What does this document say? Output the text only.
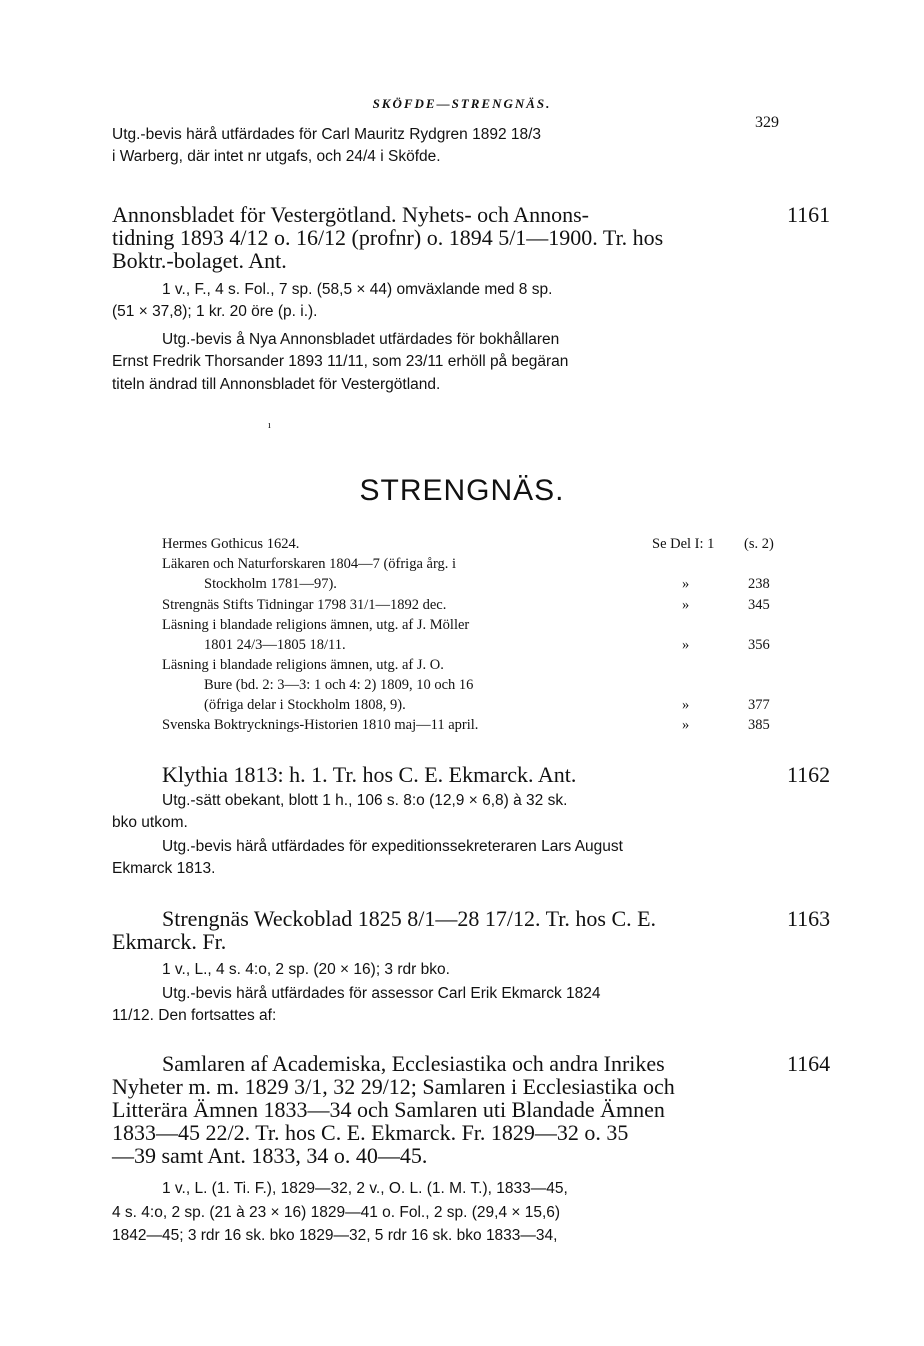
SKÖFDE—STRENGNÄS.

329

Utg.-bevis härå utfärdades för Carl Mauritz Rydgren 1892 18/3
i Warberg, där intet nr utgafs, och 24/4 i Sköfde.
1161
Annonsbladet för Vestergötland. Nyhets- och Annons-
tidning 1893 4/12 o. 16/12 (profnr) o. 1894 5/1—1900. Tr. hos
Boktr.-bolaget. Ant.
1 v., F., 4 s. Fol., 7 sp. (58,5 × 44) omväxlande med 8 sp.
(51 × 37,8); 1 kr. 20 öre (p. i.).
Utg.-bevis å Nya Annonsbladet utfärdades för bokhållaren
Ernst Fredrik Thorsander 1893 11/11, som 23/11 erhöll på begäran
titeln ändrad till Annonsbladet för Vestergötland.
ı
STRENGNÄS.
Hermes Gothicus 1624.	Se Del I: 1 (s. 2)
Läkaren och Naturforskaren 1804—7 (öfriga årg. i
Stockholm 1781—97).	»	238
Strengnäs Stifts Tidningar 1798 31/1—1892 dec.	»	345
Läsning i blandade religions ämnen, utg. af J. Möller
1801 24/3—1805 18/11.	»	356
Läsning i blandade religions ämnen, utg. af J. O.
Bure (bd. 2: 3—3: 1 och 4: 2) 1809, 10 och 16
(öfriga delar i Stockholm 1808, 9).	»	377
Svenska Boktrycknings-Historien 1810 maj—11 april.	»	385
1162
Klythia 1813: h. 1. Tr. hos C. E. Ekmarck. Ant.
Utg.-sätt obekant, blott 1 h., 106 s. 8:o (12,9 × 6,8) à 32 sk.
bko utkom.
Utg.-bevis härå utfärdades för expeditionssekreteraren Lars August
Ekmarck 1813.
1163
Strengnäs Weckoblad 1825 8/1—28 17/12. Tr. hos C. E.
Ekmarck. Fr.
1 v., L., 4 s. 4:o, 2 sp. (20 × 16); 3 rdr bko.
Utg.-bevis härå utfärdades för assessor Carl Erik Ekmarck 1824
11/12. Den fortsattes af:
1164
Samlaren af Academiska, Ecclesiastika och andra Inrikes
Nyheter m. m. 1829 3/1, 32 29/12; Samlaren i Ecclesiastika och
Litterära Ämnen 1833—34 och Samlaren uti Blandade Ämnen
1833—45 22/2. Tr. hos C. E. Ekmarck. Fr. 1829—32 o. 35
—39 samt Ant. 1833, 34 o. 40—45.
1 v., L. (1. Ti. F.), 1829—32, 2 v., O. L. (1. M. T.), 1833—45,
4 s. 4:o, 2 sp. (21 à 23 × 16) 1829—41 o. Fol., 2 sp. (29,4 × 15,6)
1842—45; 3 rdr 16 sk. bko 1829—32, 5 rdr 16 sk. bko 1833—34,
